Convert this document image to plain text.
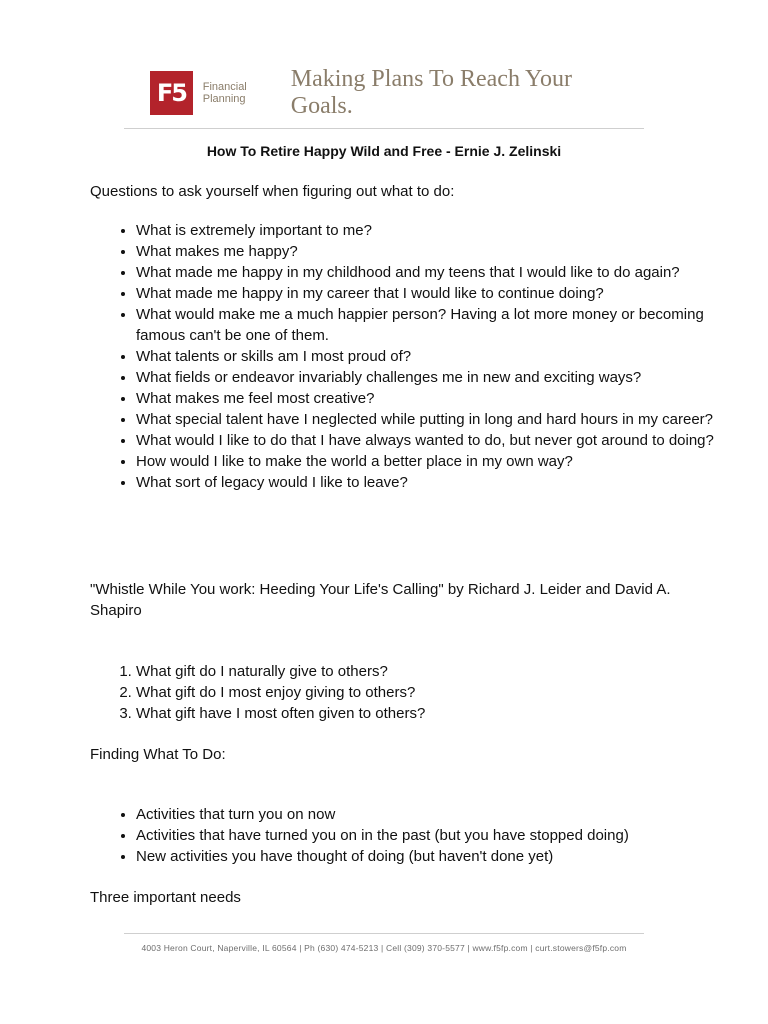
F5 Financial
Planning
Making Plans To Reach Your Goals.
How To Retire Happy Wild and Free - Ernie J. Zelinski
Questions to ask yourself when figuring out what to do:
• What is extremely important to me?
• What makes me happy?
• What made me happy in my childhood and my teens that I would like to do again?
• What made me happy in my career that I would like to continue doing?
• What would make me a much happier person? Having a lot more money or becoming famous can't be one of them.
• What talents or skills am I most proud of?
• What fields or endeavor invariably challenges me in new and exciting ways?
• What makes me feel most creative?
• What special talent have I neglected while putting in long and hard hours in my career?
• What would I like to do that I have always wanted to do, but never got around to doing?
• How would I like to make the world a better place in my own way?
• What sort of legacy would I like to leave?
"Whistle While You work: Heeding Your Life's Calling" by Richard J. Leider and David A. Shapiro
1. What gift do I naturally give to others?
2. What gift do I most enjoy giving to others?
3. What gift have I most often given to others?
Finding What To Do:
• Activities that turn you on now
• Activities that have turned you on in the past (but you have stopped doing)
• New activities you have thought of doing (but haven't done yet)
Three important needs
4003 Heron Court, Naperville, IL 60564 | Ph (630) 474-5213 | Cell (309) 370-5577 | www.f5fp.com | curt.stowers@f5fp.com
